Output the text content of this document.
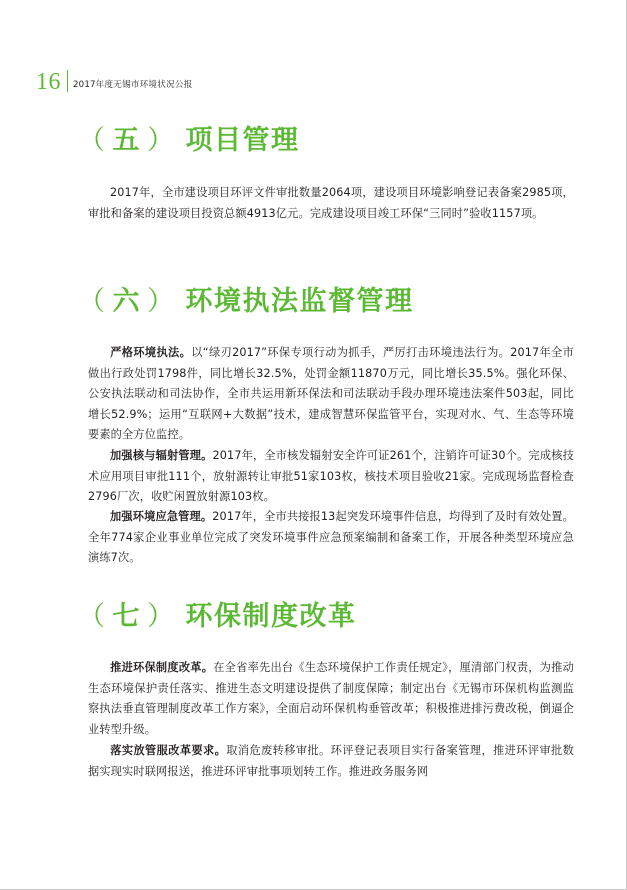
16 2017年度无锡市环境状况公报
（ 五 ） 项目管理

2017年，全市建设项目环评文件审批数量2064项，建设项目环境影响登记表备案2985项，审批和备案的建设项目投资总额4913亿元。完成建设项目竣工环保“三同时”验收1157项。

（ 六 ） 环境执法监督管理

严格环境执法。以“绿刃2017”环保专项行动为抓手，严厉打击环境违法行为。2017年全市做出行政处罚1798件，同比增长32.5%，处罚金额11870万元，同比增长35.5%。强化环保、公安执法联动和司法协作，全市共运用新环保法和司法联动手段办理环境违法案件503起，同比增长52.9%；运用“互联网+大数据”技术，建成智慧环保监管平台，实现对水、气、生态等环境要素的全方位监控。

加强核与辐射管理。2017年，全市核发辐射安全许可证261个，注销许可证30个。完成核技术应用项目审批111个，放射源转让审批51家103枚，核技术项目验收21家。完成现场监督检查2796厂次，收贮闲置放射源103枚。

加强环境应急管理。2017年，全市共接报13起突发环境事件信息，均得到了及时有效处置。全年774家企业事业单位完成了突发环境事件应急预案编制和备案工作，开展各种类型环境应急演练7次。

（ 七 ） 环保制度改革

推进环保制度改革。在全省率先出台《生态环境保护工作责任规定》，厘清部门权责，为推动生态环境保护责任落实、推进生态文明建设提供了制度保障；制定出台《无锡市环保机构监测监察执法垂直管理制度改革工作方案》，全面启动环保机构垂管改革；积极推进排污费改税，倒逼企业转型升级。

落实放管服改革要求。取消危废转移审批。环评登记表项目实行备案管理，推进环评审批数据实现实时联网报送，推进环评审批事项划转工作。推进政务服务网
